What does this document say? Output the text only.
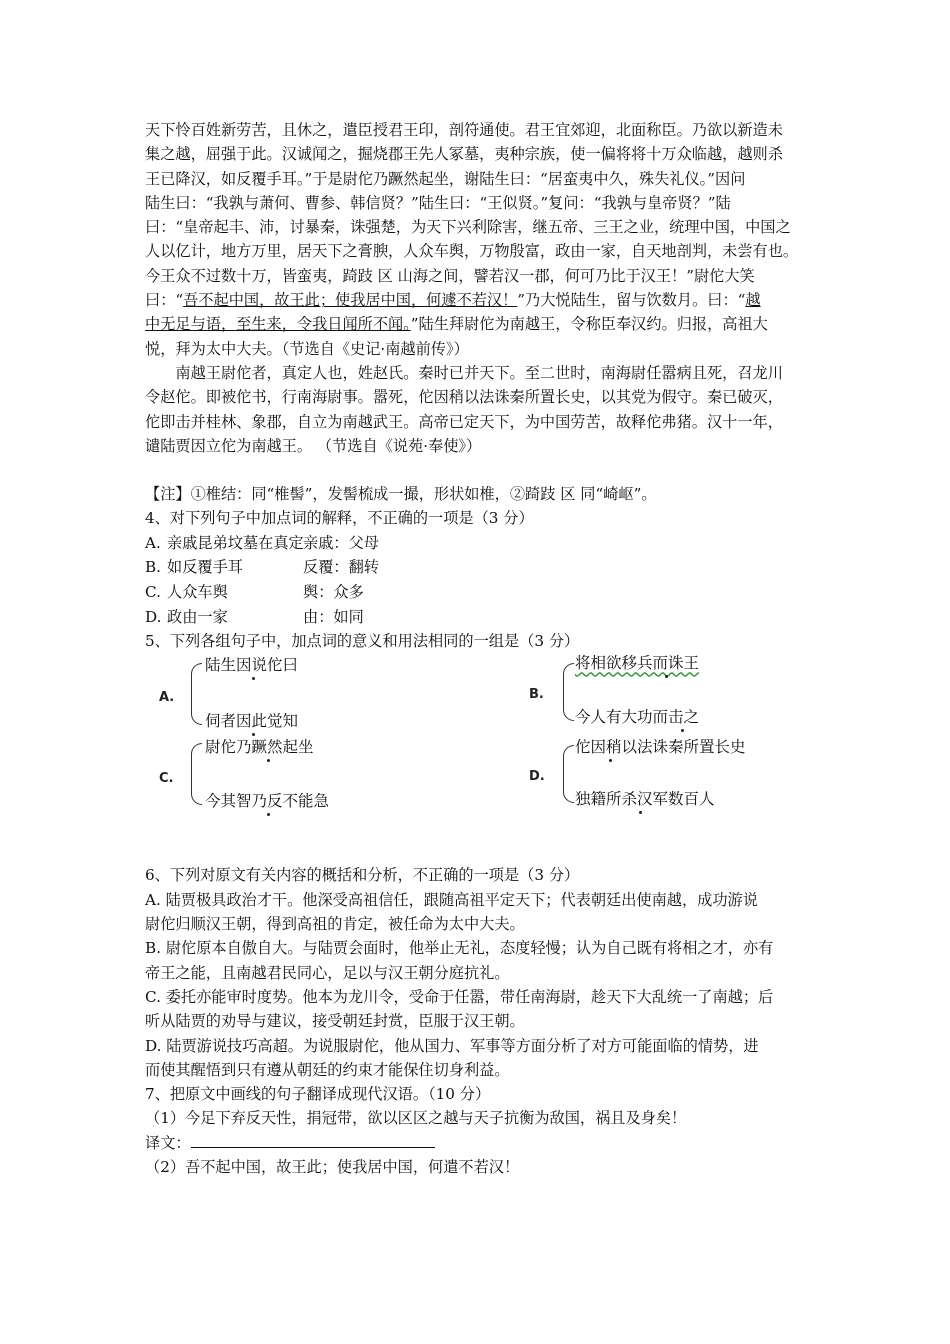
天下怜百姓新劳苦，且休之，遣臣授君王印，剖符通使。君王宜郊迎，北面称臣。乃欲以新造未

集之越，屈强于此。汉诚闻之，掘烧郡王先人冢墓，夷种宗族，使一偏将将十万众临越，越则杀

王已降汉，如反覆手耳。”于是尉佗乃蹶然起坐，谢陆生曰：“居蛮夷中久，殊失礼仪。”因问

陆生曰：“我孰与萧何、曹参、韩信贤？”陆生曰：“王似贤。”复问：“我孰与皇帝贤？”陆

曰：“皇帝起丰、沛，讨暴秦，诛强楚，为天下兴利除害，继五帝、三王之业，统理中国，中国之

人以亿计，地方万里，居天下之膏腴，人众车舆，万物殷富，政由一家，自天地剖判，未尝有也。

今王众不过数十万，皆蛮夷，踦跂 区 山海之间，譬若汉一郡，何可乃比于汉王！”尉佗大笑

曰：“吾不起中国，故王此；使我居中国，何遽不若汉！”乃大悦陆生，留与饮数月。曰：“越

中无足与语，至生来，令我日闻所不闻。”陆生拜尉佗为南越王，令称臣奉汉约。归报，高祖大

悦，拜为太中大夫。（节选自《史记·南越前传》）

南越王尉佗者，真定人也，姓赵氏。秦时已并天下。至二世时，南海尉任嚣病且死，召龙川

令赵佗。即被佗书，行南海尉事。嚣死，佗因稍以法诛秦所置长史，以其党为假守。秦已破灭，

佗即击并桂林、象郡，自立为南越武王。高帝已定天下，为中国劳苦，故释佗弗猪。汉十一年，

谴陆贾因立佗为南越王。 （节选自《说苑·奉使》）

【注】①椎结：同“椎髻”，发髻梳成一撮，形状如椎，②踦跂 区 同“崎岖”。

4、对下列句子中加点词的解释，不正确的一项是（3 分）

A. 亲戚昆弟坟墓在真定亲戚：父母

B. 如反覆手耳	反覆：翻转

C. 人众车舆	舆：众多

D. 政由一家	由：如同

5、下列各组句子中，加点词的意义和用法相同的一组是（3 分）

A.
陆生因说佗曰
伺者因此觉知
B.
将相欲移兵而诛王
今人有大功而击之
C.
尉佗乃蹶然起坐
今其智乃反不能急
D.
佗因稍以法诛秦所置长史
独籍所杀汉军数百人

6、下列对原文有关内容的概括和分析，不正确的一项是（3 分）

A. 陆贾极具政治才干。他深受高祖信任，跟随高祖平定天下；代表朝廷出使南越，成功游说

尉佗归顺汉王朝，得到高祖的肯定，被任命为太中大夫。

B. 尉佗原本自傲自大。与陆贾会面时，他举止无礼，态度轻慢；认为自己既有将相之才，亦有

帝王之能，且南越君民同心，足以与汉王朝分庭抗礼。

C. 委托亦能审时度势。他本为龙川令，受命于任嚣，带任南海尉，趁天下大乱统一了南越；后

听从陆贾的劝导与建议，接受朝廷封赏，臣服于汉王朝。

D. 陆贾游说技巧高超。为说服尉佗，他从国力、军事等方面分析了对方可能面临的情势，进

而使其醒悟到只有遵从朝廷的约束才能保住切身利益。

7、把原文中画线的句子翻译成现代汉语。（10 分）

（1）今足下弃反天性，捐冠带，欲以区区之越与天子抗衡为敌国，祸且及身矣！

译文：

（2）吾不起中国，故王此；使我居中国，何遣不若汉！
